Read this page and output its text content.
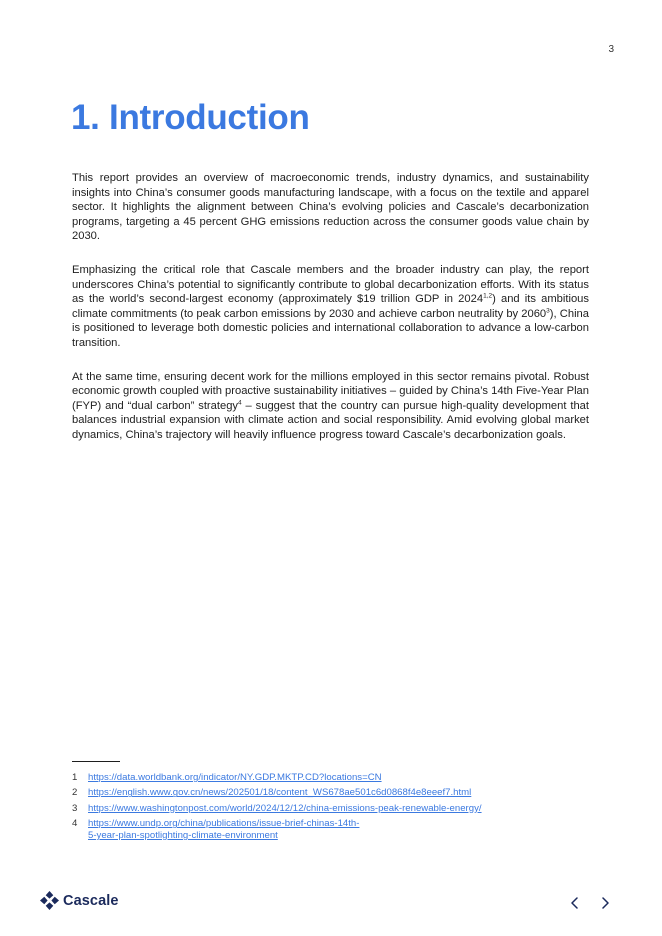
3
1. Introduction

This report provides an overview of macroeconomic trends, industry dynamics, and sustainability insights into China’s consumer goods manufacturing landscape, with a focus on the textile and apparel sector. It highlights the alignment between China’s evolving policies and Cascale’s decarbonization programs, targeting a 45 percent GHG emissions reduction across the consumer goods value chain by 2030.

Emphasizing the critical role that Cascale members and the broader industry can play, the report underscores China’s potential to significantly contribute to global decarbonization efforts. With its status as the world’s second-largest economy (approximately $19 trillion GDP in 2024$^{1,2}$) and its ambitious climate commitments (to peak carbon emissions by 2030 and achieve carbon neutrality by 2060$^3$), China is positioned to leverage both domestic policies and international collaboration to advance a low-carbon transition.

At the same time, ensuring decent work for the millions employed in this sector remains pivotal. Robust economic growth coupled with proactive sustainability initiatives – guided by China’s 14th Five-Year Plan (FYP) and “dual carbon” strategy$^4$ – suggest that the country can pursue high-quality development that balances industrial expansion with climate action and social responsibility. Amid evolving global market dynamics, China’s trajectory will heavily influence progress toward Cascale’s decarbonization goals.

1	https://data.worldbank.org/indicator/NY.GDP.MKTP.CD?locations=CN
2	https://english.www.gov.cn/news/202501/18/content_WS678ae501c6d0868f4e8eeef7.html
3	https://www.washingtonpost.com/world/2024/12/12/china-emissions-peak-renewable-energy/
4	https://www.undp.org/china/publications/issue-brief-chinas-14th-
5-year-plan-spotlighting-climate-environment
Cascale
